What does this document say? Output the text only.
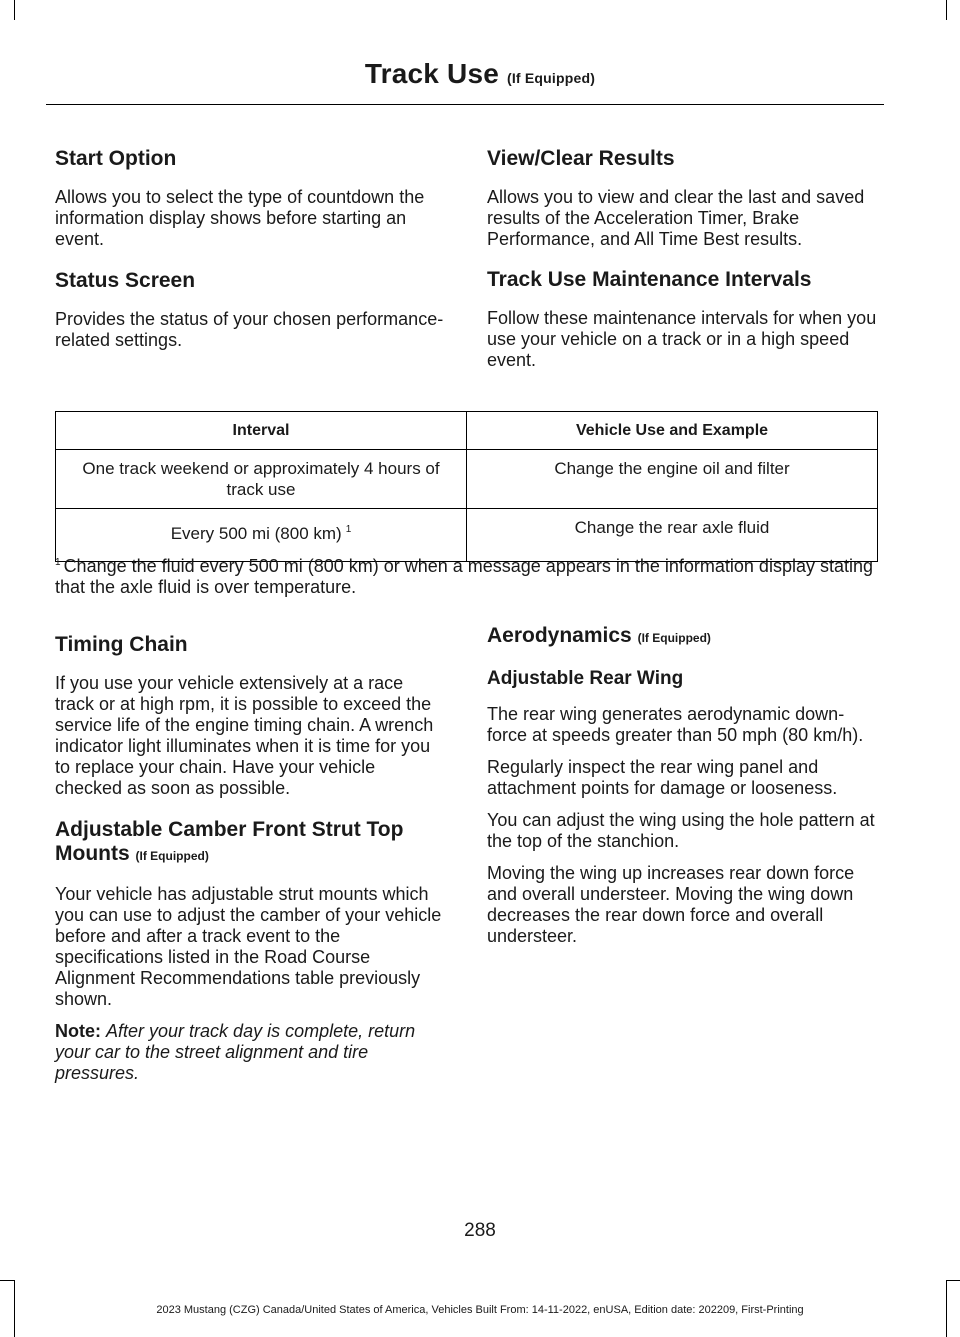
Track Use (If Equipped)
Start Option

Allows you to select the type of countdown the information display shows before starting an event.

Status Screen

Provides the status of your chosen performance-related settings.

View/Clear Results

Allows you to view and clear the last and saved results of the Acceleration Timer, Brake Performance, and All Time Best results.

Track Use Maintenance Intervals

Follow these maintenance intervals for when you use your vehicle on a track or in a high speed event.

Interval	Vehicle Use and Example
One track weekend or approximately 4 hours of track use	Change the engine oil and filter
Every 500 mi (800 km) $^1$	Change the rear axle fluid
$^1$ Change the fluid every 500 mi (800 km) or when a message appears in the information display stating that the axle fluid is over temperature.
Timing Chain

If you use your vehicle extensively at a race track or at high rpm, it is possible to exceed the service life of the engine timing chain. A wrench indicator light illuminates when it is time for you to replace your chain. Have your vehicle checked as soon as possible.

Adjustable Camber Front Strut Top Mounts (If Equipped)

Your vehicle has adjustable strut mounts which you can use to adjust the camber of your vehicle before and after a track event to the specifications listed in the Road Course Alignment Recommendations table previously shown.

Note: After your track day is complete, return your car to the street alignment and tire pressures.

Aerodynamics (If Equipped)
Adjustable Rear Wing

The rear wing generates aerodynamic down-force at speeds greater than 50 mph (80 km/h).

Regularly inspect the rear wing panel and attachment points for damage or looseness.

You can adjust the wing using the hole pattern at the top of the stanchion.

Moving the wing up increases rear down force and overall understeer. Moving the wing down decreases the rear down force and overall understeer.

288
2023 Mustang (CZG) Canada/United States of America, Vehicles Built From: 14-11-2022, enUSA, Edition date: 202209, First-Printing
